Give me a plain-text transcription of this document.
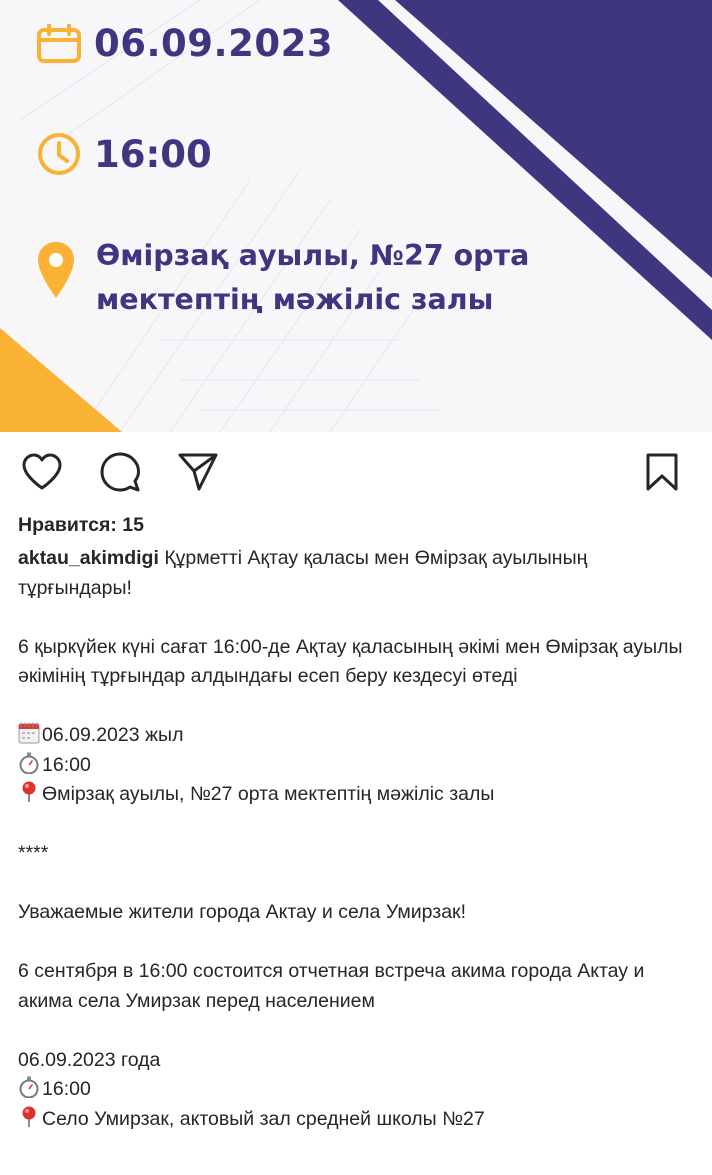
06.09.2023
16:00
Өмірзақ ауылы, №27 орта
мектептің мәжіліс залы
Нравится: 15

aktau_akimdigi Құрметті Ақтау қаласы мен Өмірзақ ауылының тұрғындары!

6 қыркүйек күні сағат 16:00-де Ақтау қаласының әкімі мен Өмірзақ ауылы әкімінің тұрғындар алдындағы есеп беру кездесуі өтеді

06.09.2023 жыл

16:00

Өмірзақ ауылы, №27 орта мектептің мәжіліс залы

****

Уважаемые жители города Актау и села Умирзак!

6 сентября в 16:00 состоится отчетная встреча акима города Актау и акима села Умирзак перед населением

06.09.2023 года

16:00

Село Умирзак, актовый зал средней школы №27
